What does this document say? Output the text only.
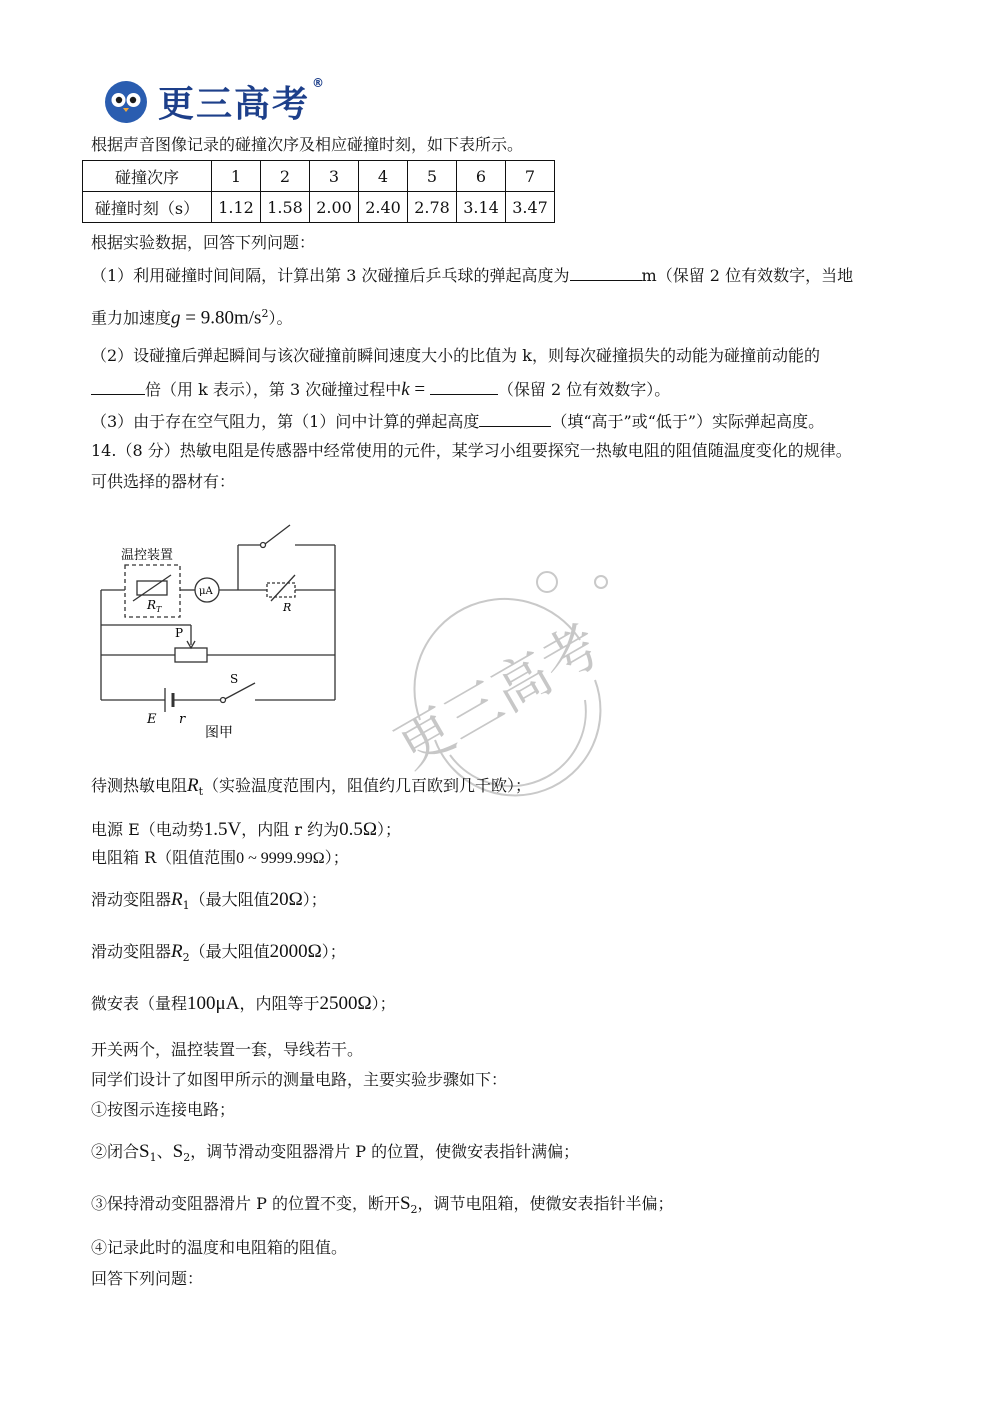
更三高考®
根据声音图像记录的碰撞次序及相应碰撞时刻，如下表所示。
碰撞次序	1	2	3	4	5	6	7
碰撞时刻（s）	1.12	1.58	2.00	2.40	2.78	3.14	3.47
根据实验数据，回答下列问题：
（1）利用碰撞时间间隔，计算出第 3 次碰撞后乒乓球的弹起高度为	m（保留 2 位有效数字，当地
重力加速度$g = 9.80m/s^2$）。
（2）设碰撞后弹起瞬间与该次碰撞前瞬间速度大小的比值为 k，则每次碰撞损失的动能为碰撞前动能的
倍（用 k 表示），第 3 次碰撞过程中k =	（保留 2 位有效数字）。
（3）由于存在空气阻力，第（1）问中计算的弹起高度	（填“高于”或“低于”）实际弹起高度。
14.（8 分）热敏电阻是传感器中经常使用的元件，某学习小组要探究一热敏电阻的阻值随温度变化的规律。
可供选择的器材有：
温控装置
$R_T$
μA
R
P
S
E r
图甲	更三高考
待测热敏电阻$R_t$（实验温度范围内，阻值约几百欧到几千欧）；
电源 E（电动势1.5V，内阻 r 约为0.5Ω）；
电阻箱 R（阻值范围0 ~ 9999.99Ω）；
滑动变阻器$R_1$（最大阻值20Ω）；
滑动变阻器$R_2$（最大阻值2000Ω）；
微安表（量程100μA，内阻等于2500Ω）；
开关两个，温控装置一套，导线若干。
同学们设计了如图甲所示的测量电路，主要实验步骤如下：
①按图示连接电路；
②闭合$S_1$、$S_2$，调节滑动变阻器滑片 P 的位置，使微安表指针满偏；
③保持滑动变阻器滑片 P 的位置不变，断开$S_2$，调节电阻箱，使微安表指针半偏；
④记录此时的温度和电阻箱的阻值。
回答下列问题：
